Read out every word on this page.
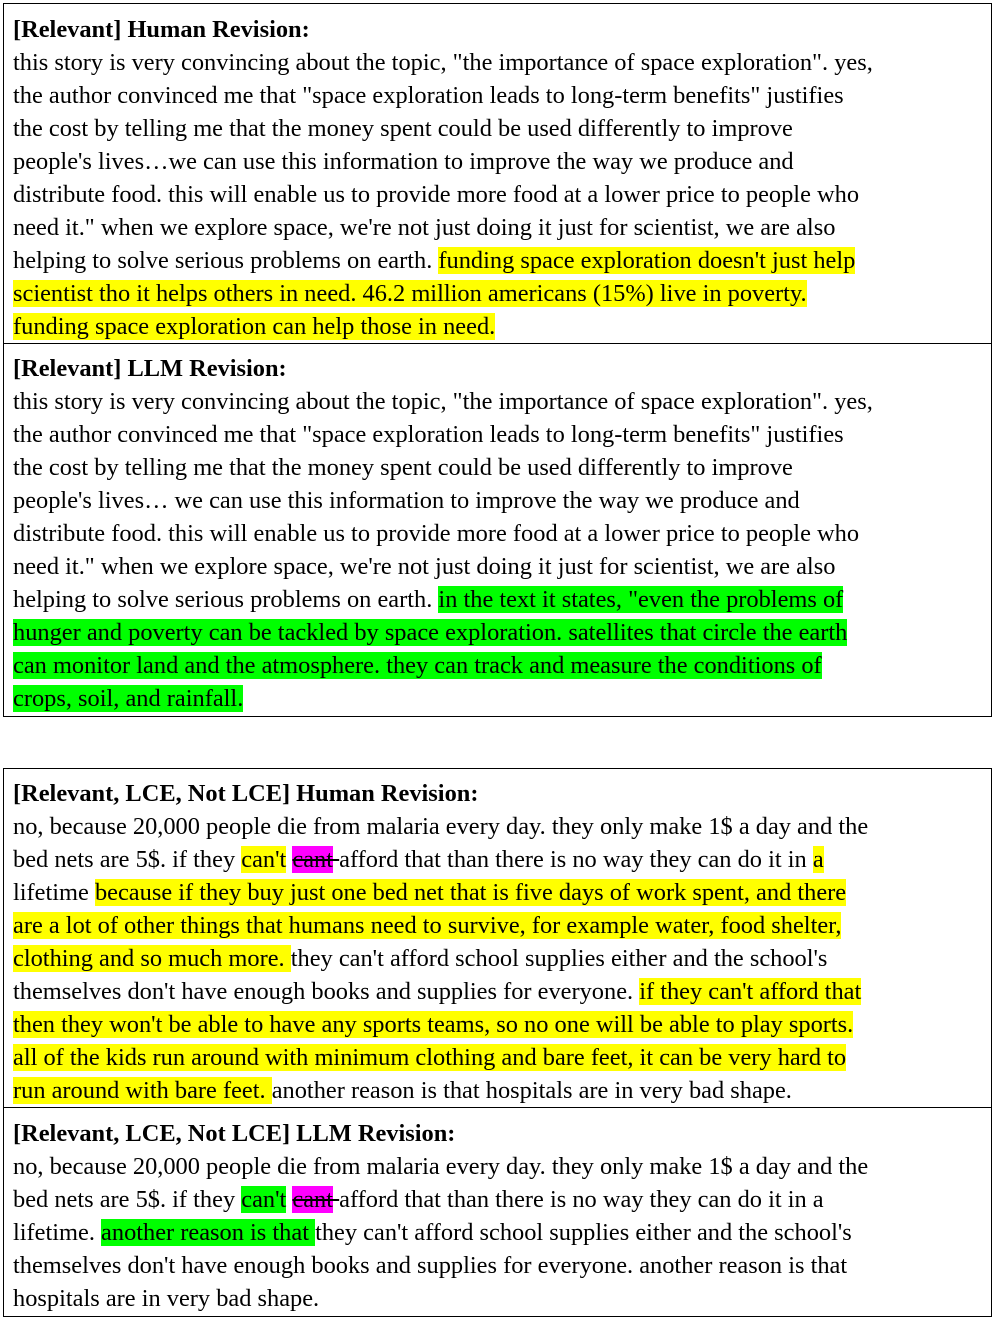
[Relevant] Human Revision:
this story is very convincing about the topic, "the importance of space exploration". yes,
the author convinced me that "space exploration leads to long-term benefits" justifies
the cost by telling me that the money spent could be used differently to improve
people's lives…we can use this information to improve the way we produce and
distribute food. this will enable us to provide more food at a lower price to people who
need it." when we explore space, we're not just doing it just for scientist, we are also
helping to solve serious problems on earth. funding space exploration doesn't just help
scientist tho it helps others in need. 46.2 million americans (15%) live in poverty.
funding space exploration can help those in need.
[Relevant] LLM Revision:
this story is very convincing about the topic, "the importance of space exploration". yes,
the author convinced me that "space exploration leads to long-term benefits" justifies
the cost by telling me that the money spent could be used differently to improve
people's lives… we can use this information to improve the way we produce and
distribute food. this will enable us to provide more food at a lower price to people who
need it." when we explore space, we're not just doing it just for scientist, we are also
helping to solve serious problems on earth. in the text it states, "even the problems of
hunger and poverty can be tackled by space exploration. satellites that circle the earth
can monitor land and the atmosphere. they can track and measure the conditions of
crops, soil, and rainfall.
[Relevant, LCE, Not LCE] Human Revision:
no, because 20,000 people die from malaria every day. they only make 1$ a day and the
bed nets are 5$. if they can't cant afford that than there is no way they can do it in a
lifetime because if they buy just one bed net that is five days of work spent, and there
are a lot of other things that humans need to survive, for example water, food shelter,
clothing and so much more. they can't afford school supplies either and the school's
themselves don't have enough books and supplies for everyone. if they can't afford that
then they won't be able to have any sports teams, so no one will be able to play sports.
all of the kids run around with minimum clothing and bare feet, it can be very hard to
run around with bare feet. another reason is that hospitals are in very bad shape.
[Relevant, LCE, Not LCE] LLM Revision:
no, because 20,000 people die from malaria every day. they only make 1$ a day and the
bed nets are 5$. if they can't cant afford that than there is no way they can do it in a
lifetime. another reason is that they can't afford school supplies either and the school's
themselves don't have enough books and supplies for everyone. another reason is that
hospitals are in very bad shape.
